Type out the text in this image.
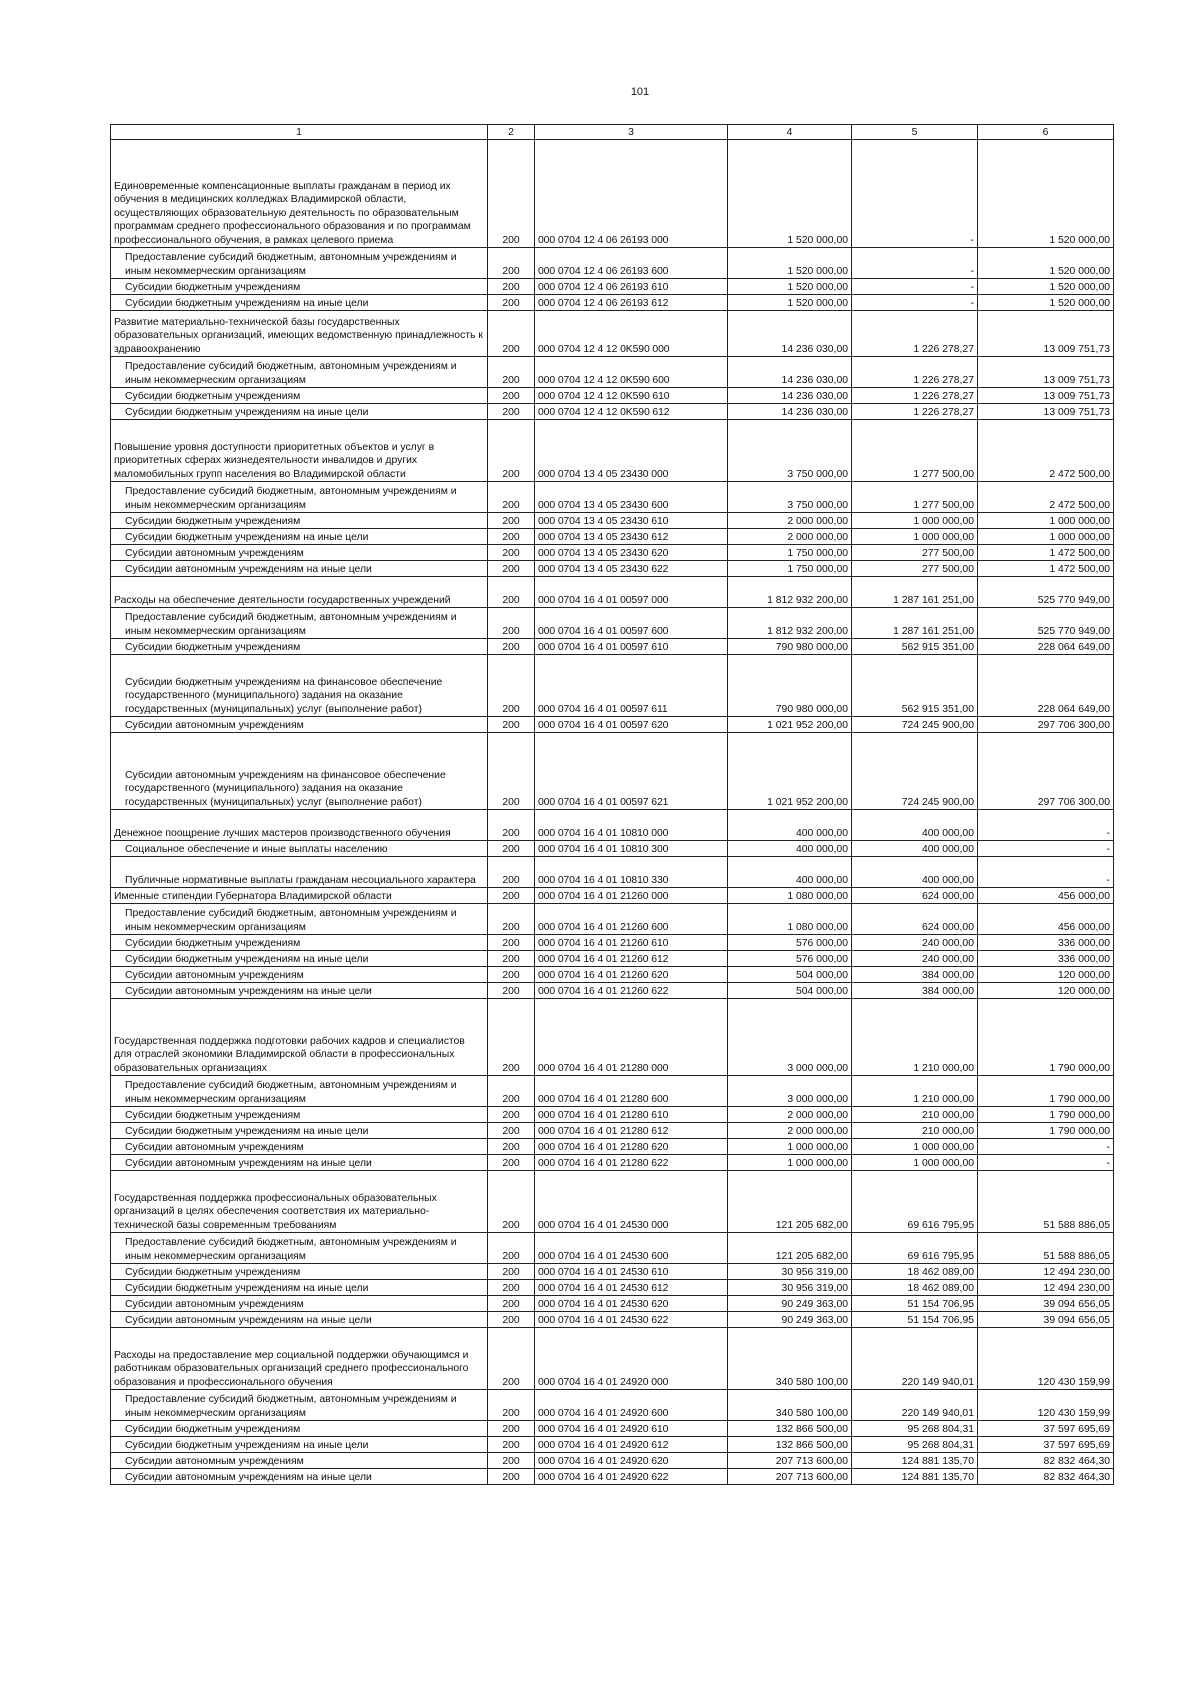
101
1	2	3	4	5	6
Единовременные компенсационные выплаты гражданам в период их обучения в медицинских колледжах Владимирской области, осуществляющих образовательную деятельность по образовательным программам среднего профессионального образования и по программам профессионального обучения, в рамках целевого приема	200	000 0704 12 4 06 26193 000	1 520 000,00	-	1 520 000,00
Предоставление субсидий бюджетным, автономным учреждениям и иным некоммерческим организациям	200	000 0704 12 4 06 26193 600	1 520 000,00	-	1 520 000,00
Субсидии бюджетным учреждениям	200	000 0704 12 4 06 26193 610	1 520 000,00	-	1 520 000,00
Субсидии бюджетным учреждениям на иные цели	200	000 0704 12 4 06 26193 612	1 520 000,00	-	1 520 000,00
Развитие материально-технической базы государственных образовательных организаций, имеющих ведомственную принадлежность к здравоохранению	200	000 0704 12 4 12 0K590 000	14 236 030,00	1 226 278,27	13 009 751,73
Предоставление субсидий бюджетным, автономным учреждениям и иным некоммерческим организациям	200	000 0704 12 4 12 0K590 600	14 236 030,00	1 226 278,27	13 009 751,73
Субсидии бюджетным учреждениям	200	000 0704 12 4 12 0K590 610	14 236 030,00	1 226 278,27	13 009 751,73
Субсидии бюджетным учреждениям на иные цели	200	000 0704 12 4 12 0K590 612	14 236 030,00	1 226 278,27	13 009 751,73
Повышение уровня доступности приоритетных объектов и услуг в приоритетных сферах жизнедеятельности инвалидов и других маломобильных групп населения во Владимирской области	200	000 0704 13 4 05 23430 000	3 750 000,00	1 277 500,00	2 472 500,00
Предоставление субсидий бюджетным, автономным учреждениям и иным некоммерческим организациям	200	000 0704 13 4 05 23430 600	3 750 000,00	1 277 500,00	2 472 500,00
Субсидии бюджетным учреждениям	200	000 0704 13 4 05 23430 610	2 000 000,00	1 000 000,00	1 000 000,00
Субсидии бюджетным учреждениям на иные цели	200	000 0704 13 4 05 23430 612	2 000 000,00	1 000 000,00	1 000 000,00
Субсидии автономным учреждениям	200	000 0704 13 4 05 23430 620	1 750 000,00	277 500,00	1 472 500,00
Субсидии автономным учреждениям на иные цели	200	000 0704 13 4 05 23430 622	1 750 000,00	277 500,00	1 472 500,00
Расходы на обеспечение деятельности государственных учреждений	200	000 0704 16 4 01 00597 000	1 812 932 200,00	1 287 161 251,00	525 770 949,00
Предоставление субсидий бюджетным, автономным учреждениям и иным некоммерческим организациям	200	000 0704 16 4 01 00597 600	1 812 932 200,00	1 287 161 251,00	525 770 949,00
Субсидии бюджетным учреждениям	200	000 0704 16 4 01 00597 610	790 980 000,00	562 915 351,00	228 064 649,00
Субсидии бюджетным учреждениям на финансовое обеспечение государственного (муниципального) задания на оказание государственных (муниципальных) услуг (выполнение работ)	200	000 0704 16 4 01 00597 611	790 980 000,00	562 915 351,00	228 064 649,00
Субсидии автономным учреждениям	200	000 0704 16 4 01 00597 620	1 021 952 200,00	724 245 900,00	297 706 300,00
Субсидии автономным учреждениям на финансовое обеспечение государственного (муниципального) задания на оказание государственных (муниципальных) услуг (выполнение работ)	200	000 0704 16 4 01 00597 621	1 021 952 200,00	724 245 900,00	297 706 300,00
Денежное поощрение лучших мастеров производственного обучения	200	000 0704 16 4 01 10810 000	400 000,00	400 000,00	-
Социальное обеспечение и иные выплаты населению	200	000 0704 16 4 01 10810 300	400 000,00	400 000,00	-
Публичные нормативные выплаты гражданам несоциального характера	200	000 0704 16 4 01 10810 330	400 000,00	400 000,00	-
Именные стипендии Губернатора Владимирской области	200	000 0704 16 4 01 21260 000	1 080 000,00	624 000,00	456 000,00
Предоставление субсидий бюджетным, автономным учреждениям и иным некоммерческим организациям	200	000 0704 16 4 01 21260 600	1 080 000,00	624 000,00	456 000,00
Субсидии бюджетным учреждениям	200	000 0704 16 4 01 21260 610	576 000,00	240 000,00	336 000,00
Субсидии бюджетным учреждениям на иные цели	200	000 0704 16 4 01 21260 612	576 000,00	240 000,00	336 000,00
Субсидии автономным учреждениям	200	000 0704 16 4 01 21260 620	504 000,00	384 000,00	120 000,00
Субсидии автономным учреждениям на иные цели	200	000 0704 16 4 01 21260 622	504 000,00	384 000,00	120 000,00
Государственная поддержка подготовки рабочих кадров и специалистов для отраслей экономики Владимирской области в профессиональных образовательных организациях	200	000 0704 16 4 01 21280 000	3 000 000,00	1 210 000,00	1 790 000,00
Предоставление субсидий бюджетным, автономным учреждениям и иным некоммерческим организациям	200	000 0704 16 4 01 21280 600	3 000 000,00	1 210 000,00	1 790 000,00
Субсидии бюджетным учреждениям	200	000 0704 16 4 01 21280 610	2 000 000,00	210 000,00	1 790 000,00
Субсидии бюджетным учреждениям на иные цели	200	000 0704 16 4 01 21280 612	2 000 000,00	210 000,00	1 790 000,00
Субсидии автономным учреждениям	200	000 0704 16 4 01 21280 620	1 000 000,00	1 000 000,00	-
Субсидии автономным учреждениям на иные цели	200	000 0704 16 4 01 21280 622	1 000 000,00	1 000 000,00	-
Государственная поддержка профессиональных образовательных организаций в целях обеспечения соответствия их материально-технической базы современным требованиям	200	000 0704 16 4 01 24530 000	121 205 682,00	69 616 795,95	51 588 886,05
Предоставление субсидий бюджетным, автономным учреждениям и иным некоммерческим организациям	200	000 0704 16 4 01 24530 600	121 205 682,00	69 616 795,95	51 588 886,05
Субсидии бюджетным учреждениям	200	000 0704 16 4 01 24530 610	30 956 319,00	18 462 089,00	12 494 230,00
Субсидии бюджетным учреждениям на иные цели	200	000 0704 16 4 01 24530 612	30 956 319,00	18 462 089,00	12 494 230,00
Субсидии автономным учреждениям	200	000 0704 16 4 01 24530 620	90 249 363,00	51 154 706,95	39 094 656,05
Субсидии автономным учреждениям на иные цели	200	000 0704 16 4 01 24530 622	90 249 363,00	51 154 706,95	39 094 656,05
Расходы на предоставление мер социальной поддержки обучающимся и работникам образовательных организаций среднего профессионального образования и профессионального обучения	200	000 0704 16 4 01 24920 000	340 580 100,00	220 149 940,01	120 430 159,99
Предоставление субсидий бюджетным, автономным учреждениям и иным некоммерческим организациям	200	000 0704 16 4 01 24920 600	340 580 100,00	220 149 940,01	120 430 159,99
Субсидии бюджетным учреждениям	200	000 0704 16 4 01 24920 610	132 866 500,00	95 268 804,31	37 597 695,69
Субсидии бюджетным учреждениям на иные цели	200	000 0704 16 4 01 24920 612	132 866 500,00	95 268 804,31	37 597 695,69
Субсидии автономным учреждениям	200	000 0704 16 4 01 24920 620	207 713 600,00	124 881 135,70	82 832 464,30
Субсидии автономным учреждениям на иные цели	200	000 0704 16 4 01 24920 622	207 713 600,00	124 881 135,70	82 832 464,30
